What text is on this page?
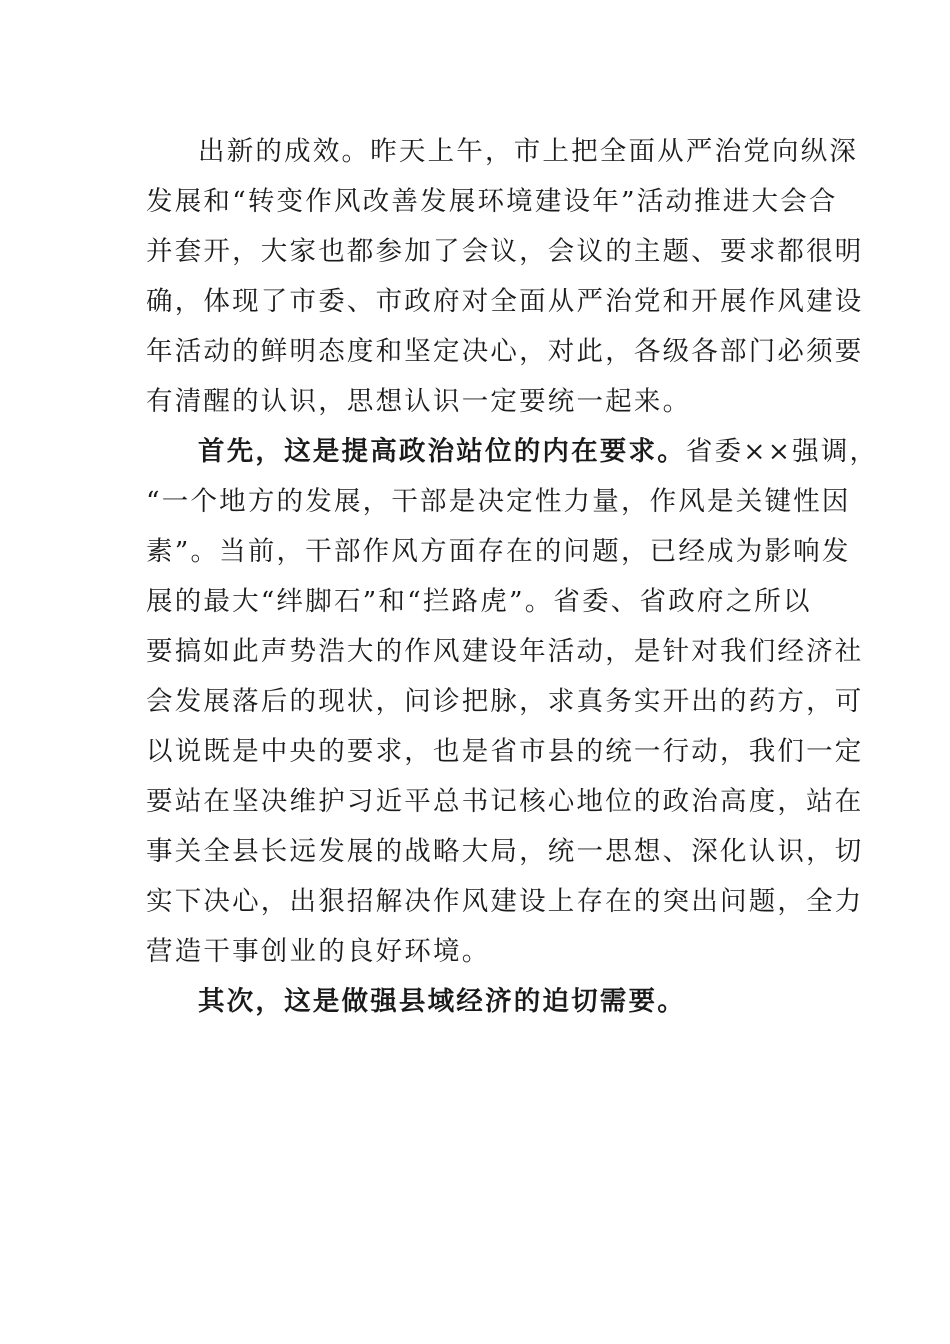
出新的成效。昨天上午，市上把全面从严治党向纵深
发展和“转变作风改善发展环境建设年”活动推进大会合
并套开，大家也都参加了会议，会议的主题、要求都很明
确，体现了市委、市政府对全面从严治党和开展作风建设
年活动的鲜明态度和坚定决心，对此，各级各部门必须要
有清醒的认识，思想认识一定要统一起来。
首先，这是提高政治站位的内在要求。省委××强调，
“一个地方的发展，干部是决定性力量，作风是关键性因
素”。当前，干部作风方面存在的问题，已经成为影响发
展的最大“绊脚石”和“拦路虎”。省委、省政府之所以
要搞如此声势浩大的作风建设年活动，是针对我们经济社
会发展落后的现状，问诊把脉，求真务实开出的药方，可
以说既是中央的要求，也是省市县的统一行动，我们一定
要站在坚决维护习近平总书记核心地位的政治高度，站在
事关全县长远发展的战略大局，统一思想、深化认识，切
实下决心，出狠招解决作风建设上存在的突出问题，全力
营造干事创业的良好环境。
其次，这是做强县域经济的迫切需要。
